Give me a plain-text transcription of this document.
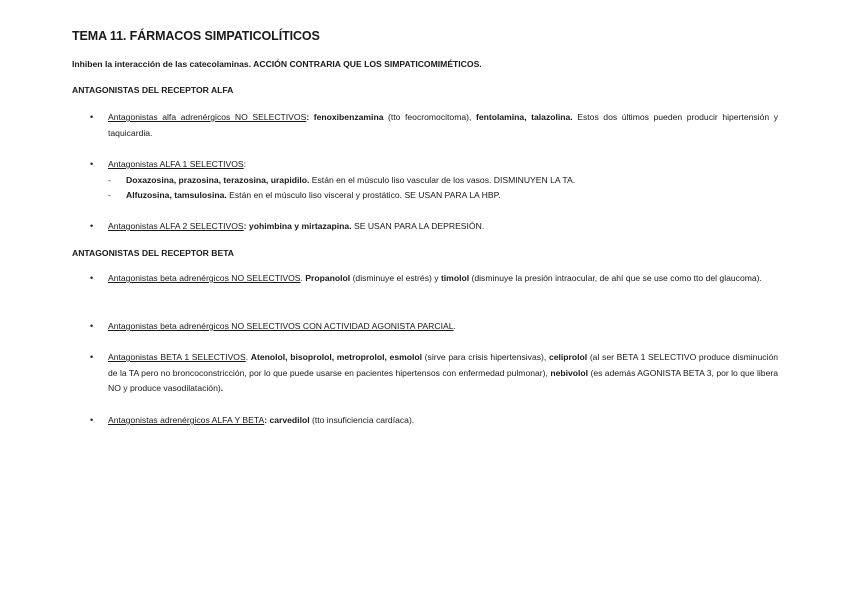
TEMA 11. FÁRMACOS SIMPATICOLÍTICOS
Inhiben la interacción de las catecolaminas. ACCIÓN CONTRARIA QUE LOS SIMPATICOMIMÉTICOS.
ANTAGONISTAS DEL RECEPTOR ALFA
• Antagonistas alfa adrenérgicos NO SELECTIVOS: fenoxibenzamina (tto feocromocitoma), fentolamina, talazolina. Estos dos últimos pueden producir hipertensión y taquicardia.
• Antagonistas ALFA 1 SELECTIVOS:
- Doxazosina, prazosina, terazosina, urapidilo. Están en el músculo liso vascular de los vasos. DISMINUYEN LA TA.
- Alfuzosina, tamsulosina. Están en el músculo liso visceral y prostático. SE USAN PARA LA HBP.
• Antagonistas ALFA 2 SELECTIVOS: yohimbina y mirtazapina. SE USAN PARA LA DEPRESIÓN.
ANTAGONISTAS DEL RECEPTOR BETA
• Antagonistas beta adrenérgicos NO SELECTIVOS. Propanolol (disminuye el estrés) y timolol (disminuye la presión intraocular, de ahí que se use como tto del glaucoma).
• Antagonistas beta adrenérgicos NO SELECTIVOS CON ACTIVIDAD AGONISTA PARCIAL.
• Antagonistas BETA 1 SELECTIVOS. Atenolol, bisoprolol, metroprolol, esmolol (sirve para crisis hipertensivas), celiprolol (al ser BETA 1 SELECTIVO produce disminución de la TA pero no broncoconstricción, por lo que puede usarse en pacientes hipertensos con enfermedad pulmonar), nebivolol (es además AGONISTA BETA 3, por lo que libera NO y produce vasodilatación).
• Antagonistas adrenérgicos ALFA Y BETA: carvedilol (tto insuficiencia cardíaca).
